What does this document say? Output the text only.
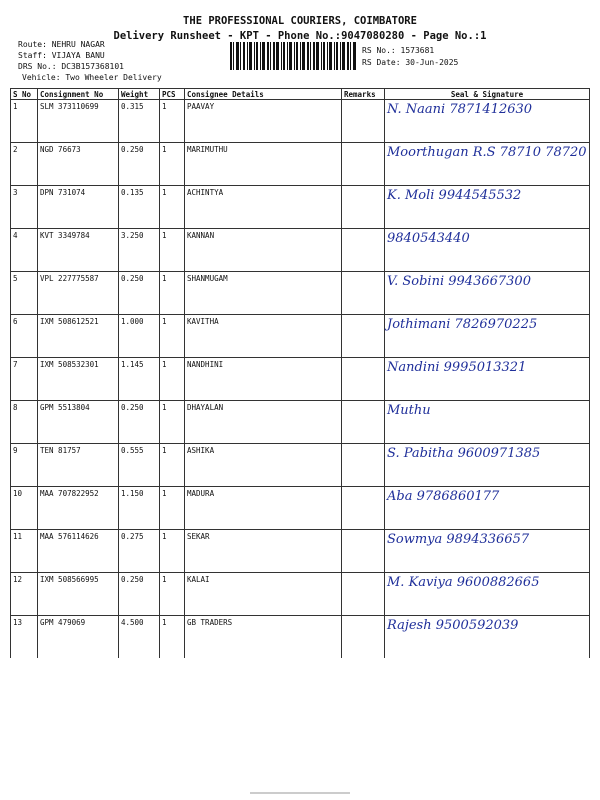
THE PROFESSIONAL COURIERS, COIMBATORE
Delivery Runsheet - KPT - Phone No.:9047080280 - Page No.:1
Route: NEHRU NAGAR
Staff: VIJAYA BANU
DRS No.: DC3B157368101
Vehicle: Two Wheeler Delivery
RS No.: 1573681
RS Date: 30-Jun-2025
S No	Consignment No	Weight	PCS	Consignee Details	Remarks	Seal & Signature
1	SLM 373110699	0.315	1	PAAVAY		N. Naani 7871412630
2	NGD 76673	0.250	1	MARIMUTHU		Moorthugan R.S 78710 78720
3	DPN 731074	0.135	1	ACHINTYA		K. Moli 9944545532
4	KVT 3349784	3.250	1	KANNAN		9840543440
5	VPL 227775587	0.250	1	SHANMUGAM		V. Sobini 9943667300
6	IXM 508612521	1.000	1	KAVITHA		Jothimani 7826970225
7	IXM 508532301	1.145	1	NANDHINI		Nandini 9995013321
8	GPM 5513804	0.250	1	DHAYALAN		Muthu
9	TEN 81757	0.555	1	ASHIKA		S. Pabitha 9600971385
10	MAA 707822952	1.150	1	MADURA		Aba 9786860177
11	MAA 576114626	0.275	1	SEKAR		Sowmya 9894336657
12	IXM 508566995	0.250	1	KALAI		M. Kaviya 9600882665
13	GPM 479069	4.500	1	GB TRADERS		Rajesh 9500592039
